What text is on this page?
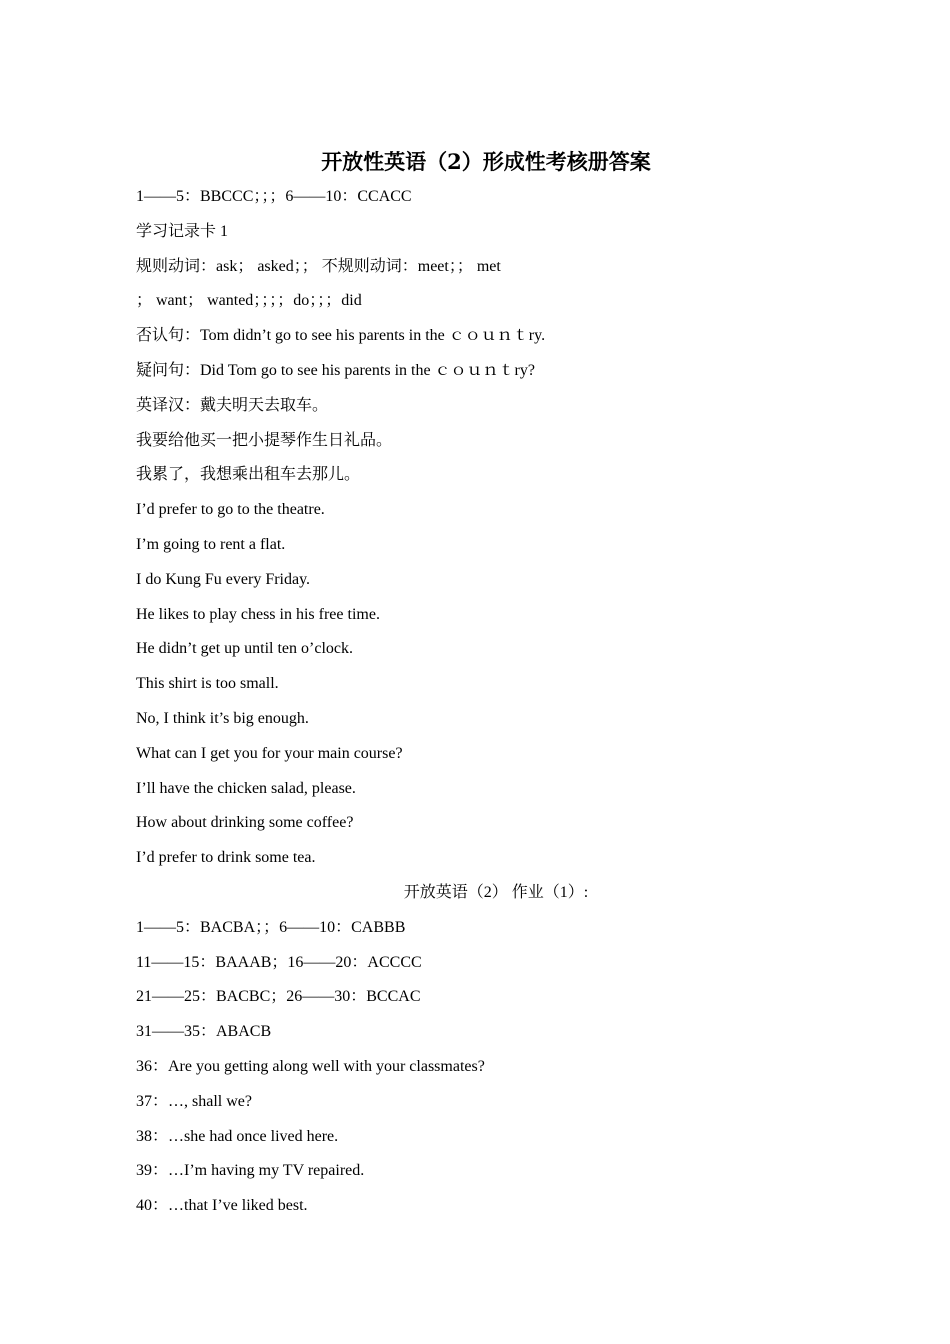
开放性英语（2）形成性考核册答案
1——5：BBCCC；；；6——10：CCACC
学习记录卡 1
规则动词：ask； asked；； 不规则动词：meet；； met
； want； wanted；；；；do；；；did
否认句：Tom didn’t go to see his parents in the ｃｏｕｎｔry.
疑问句：Did Tom go to see his parents in the ｃｏｕｎｔry?
英译汉：戴夫明天去取车。
我要给他买一把小提琴作生日礼品。
我累了，我想乘出租车去那儿。
I’d prefer to go to the theatre.
I’m going to rent a flat.
I do Kung Fu every Friday.
He likes to play chess in his free time.
He didn’t get up until ten o’clock.
This shirt is too small.
No, I think it’s big enough.
What can I get you for your main course?
I’ll have the chicken salad, please.
How about drinking some coffee?
I’d prefer to drink some tea.
开放英语（2） 作业（1）:
1——5：BACBA；；6——10：CABBB
11——15：BAAAB；16——20：ACCCC
21——25：BACBC；26——30：BCCAC
31——35：ABACB
36：Are you getting along well with your classmates?
37：…, shall we?
38：…she had once lived here.
39：…I’m having my TV repaired.
40：…that I’ve liked best.
